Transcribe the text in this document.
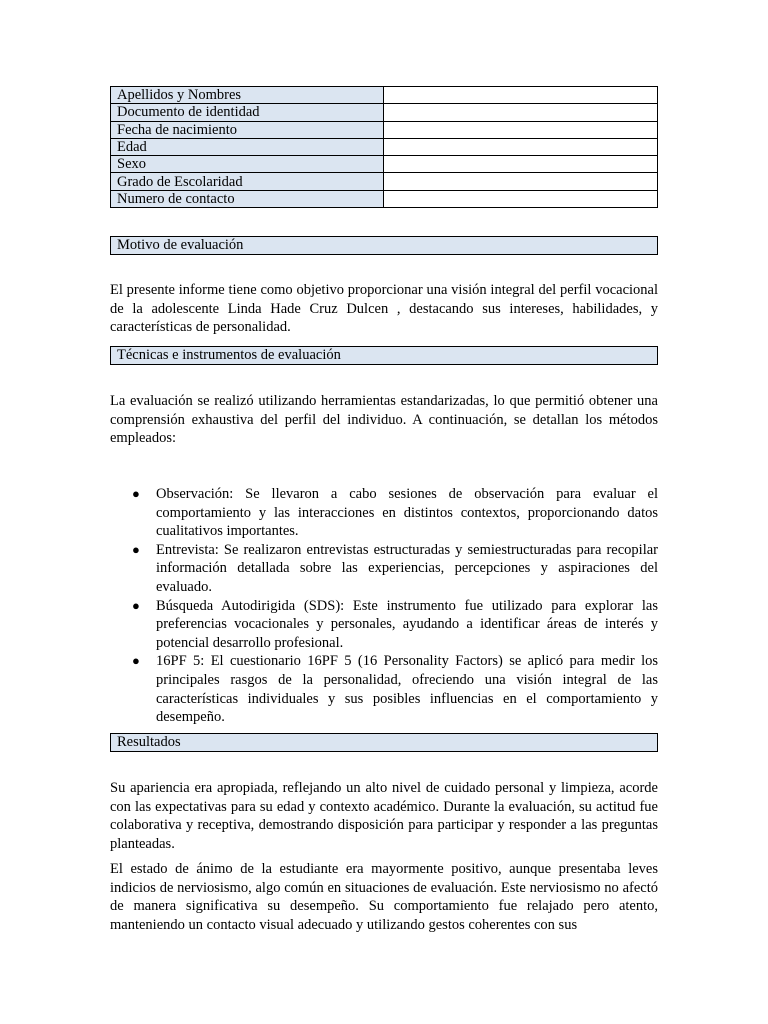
Apellidos y Nombres	
Documento de identidad	
Fecha de nacimiento	
Edad	
Sexo	
Grado de Escolaridad	
Numero de contacto	
Motivo de evaluación

El presente informe tiene como objetivo proporcionar una visión integral del perfil vocacional de la adolescente Linda Hade Cruz Dulcen , destacando sus intereses, habilidades, y características de personalidad.

Técnicas e instrumentos de evaluación

La evaluación se realizó utilizando herramientas estandarizadas, lo que permitió obtener una comprensión exhaustiva del perfil del individuo. A continuación, se detallan los métodos empleados:

● Observación: Se llevaron a cabo sesiones de observación para evaluar el comportamiento y las interacciones en distintos contextos, proporcionando datos cualitativos importantes.
● Entrevista: Se realizaron entrevistas estructuradas y semiestructuradas para recopilar información detallada sobre las experiencias, percepciones y aspiraciones del evaluado.
● Búsqueda Autodirigida (SDS): Este instrumento fue utilizado para explorar las preferencias vocacionales y personales, ayudando a identificar áreas de interés y potencial desarrollo profesional.
● 16PF 5: El cuestionario 16PF 5 (16 Personality Factors) se aplicó para medir los principales rasgos de la personalidad, ofreciendo una visión integral de las características individuales y sus posibles influencias en el comportamiento y desempeño.
Resultados

Su apariencia era apropiada, reflejando un alto nivel de cuidado personal y limpieza, acorde con las expectativas para su edad y contexto académico. Durante la evaluación, su actitud fue colaborativa y receptiva, demostrando disposición para participar y responder a las preguntas planteadas.

El estado de ánimo de la estudiante era mayormente positivo, aunque presentaba leves indicios de nerviosismo, algo común en situaciones de evaluación. Este nerviosismo no afectó de manera significativa su desempeño. Su comportamiento fue relajado pero atento, manteniendo un contacto visual adecuado y utilizando gestos coherentes con sus
